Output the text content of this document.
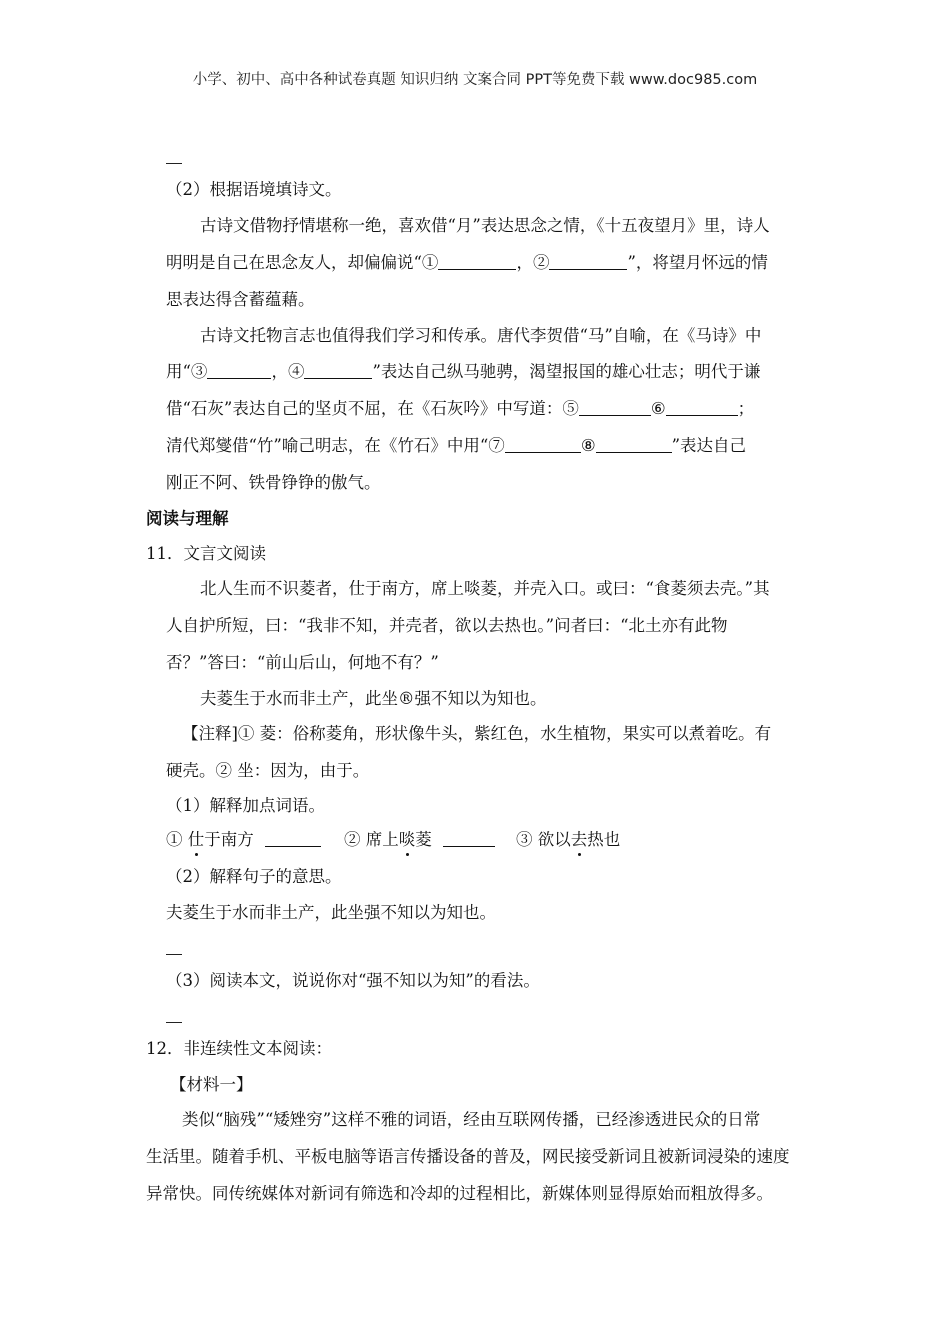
小学、初中、高中各种试卷真题 知识归纳 文案合同 PPT等免费下载 www.doc985.com
（2）根据语境填诗文。
古诗文借物抒情堪称一绝，喜欢借“月”表达思念之情，《十五夜望月》里，诗人
明明是自己在思念友人，却偏偏说“①	，②	”，将望月怀远的情
思表达得含蓄蕴藉。
古诗文托物言志也值得我们学习和传承。唐代李贺借“马”自喻，在《马诗》中
用“③	，④	”表达自己纵马驰骋，渴望报国的雄心壮志；明代于谦
借“石灰”表达自己的坚贞不屈，在《石灰吟》中写道：⑤	⑥	；
清代郑燮借“竹”喻己明志，在《竹石》中用“⑦	⑧	”表达自己
刚正不阿、铁骨铮铮的傲气。
阅读与理解
11．文言文阅读
北人生而不识菱者，仕于南方，席上啖菱，并壳入口。或曰：“食菱须去壳。”其
人自护所短，曰：“我非不知，并壳者，欲以去热也。”问者曰：“北土亦有此物
否？”答曰：“前山后山，何地不有？”
夫菱生于水而非土产，此坐®强不知以为知也。
【注释]① 菱：俗称菱角，形状像牛头，紫红色，水生植物，果实可以煮着吃。有
硬壳。② 坐：因为，由于。
（1）解释加点词语。
① 仕于南方	② 席上啖菱	③ 欲以去热也
（2）解释句子的意思。
夫菱生于水而非土产，此坐强不知以为知也。
（3）阅读本文，说说你对“强不知以为知”的看法。
12．非连续性文本阅读：
【材料一】
类似“脑残”“矮矬穷”这样不雅的词语，经由互联网传播，已经渗透进民众的日常
生活里。随着手机、平板电脑等语言传播设备的普及，网民接受新词且被新词浸染的速度
异常快。同传统媒体对新词有筛选和冷却的过程相比，新媒体则显得原始而粗放得多。
